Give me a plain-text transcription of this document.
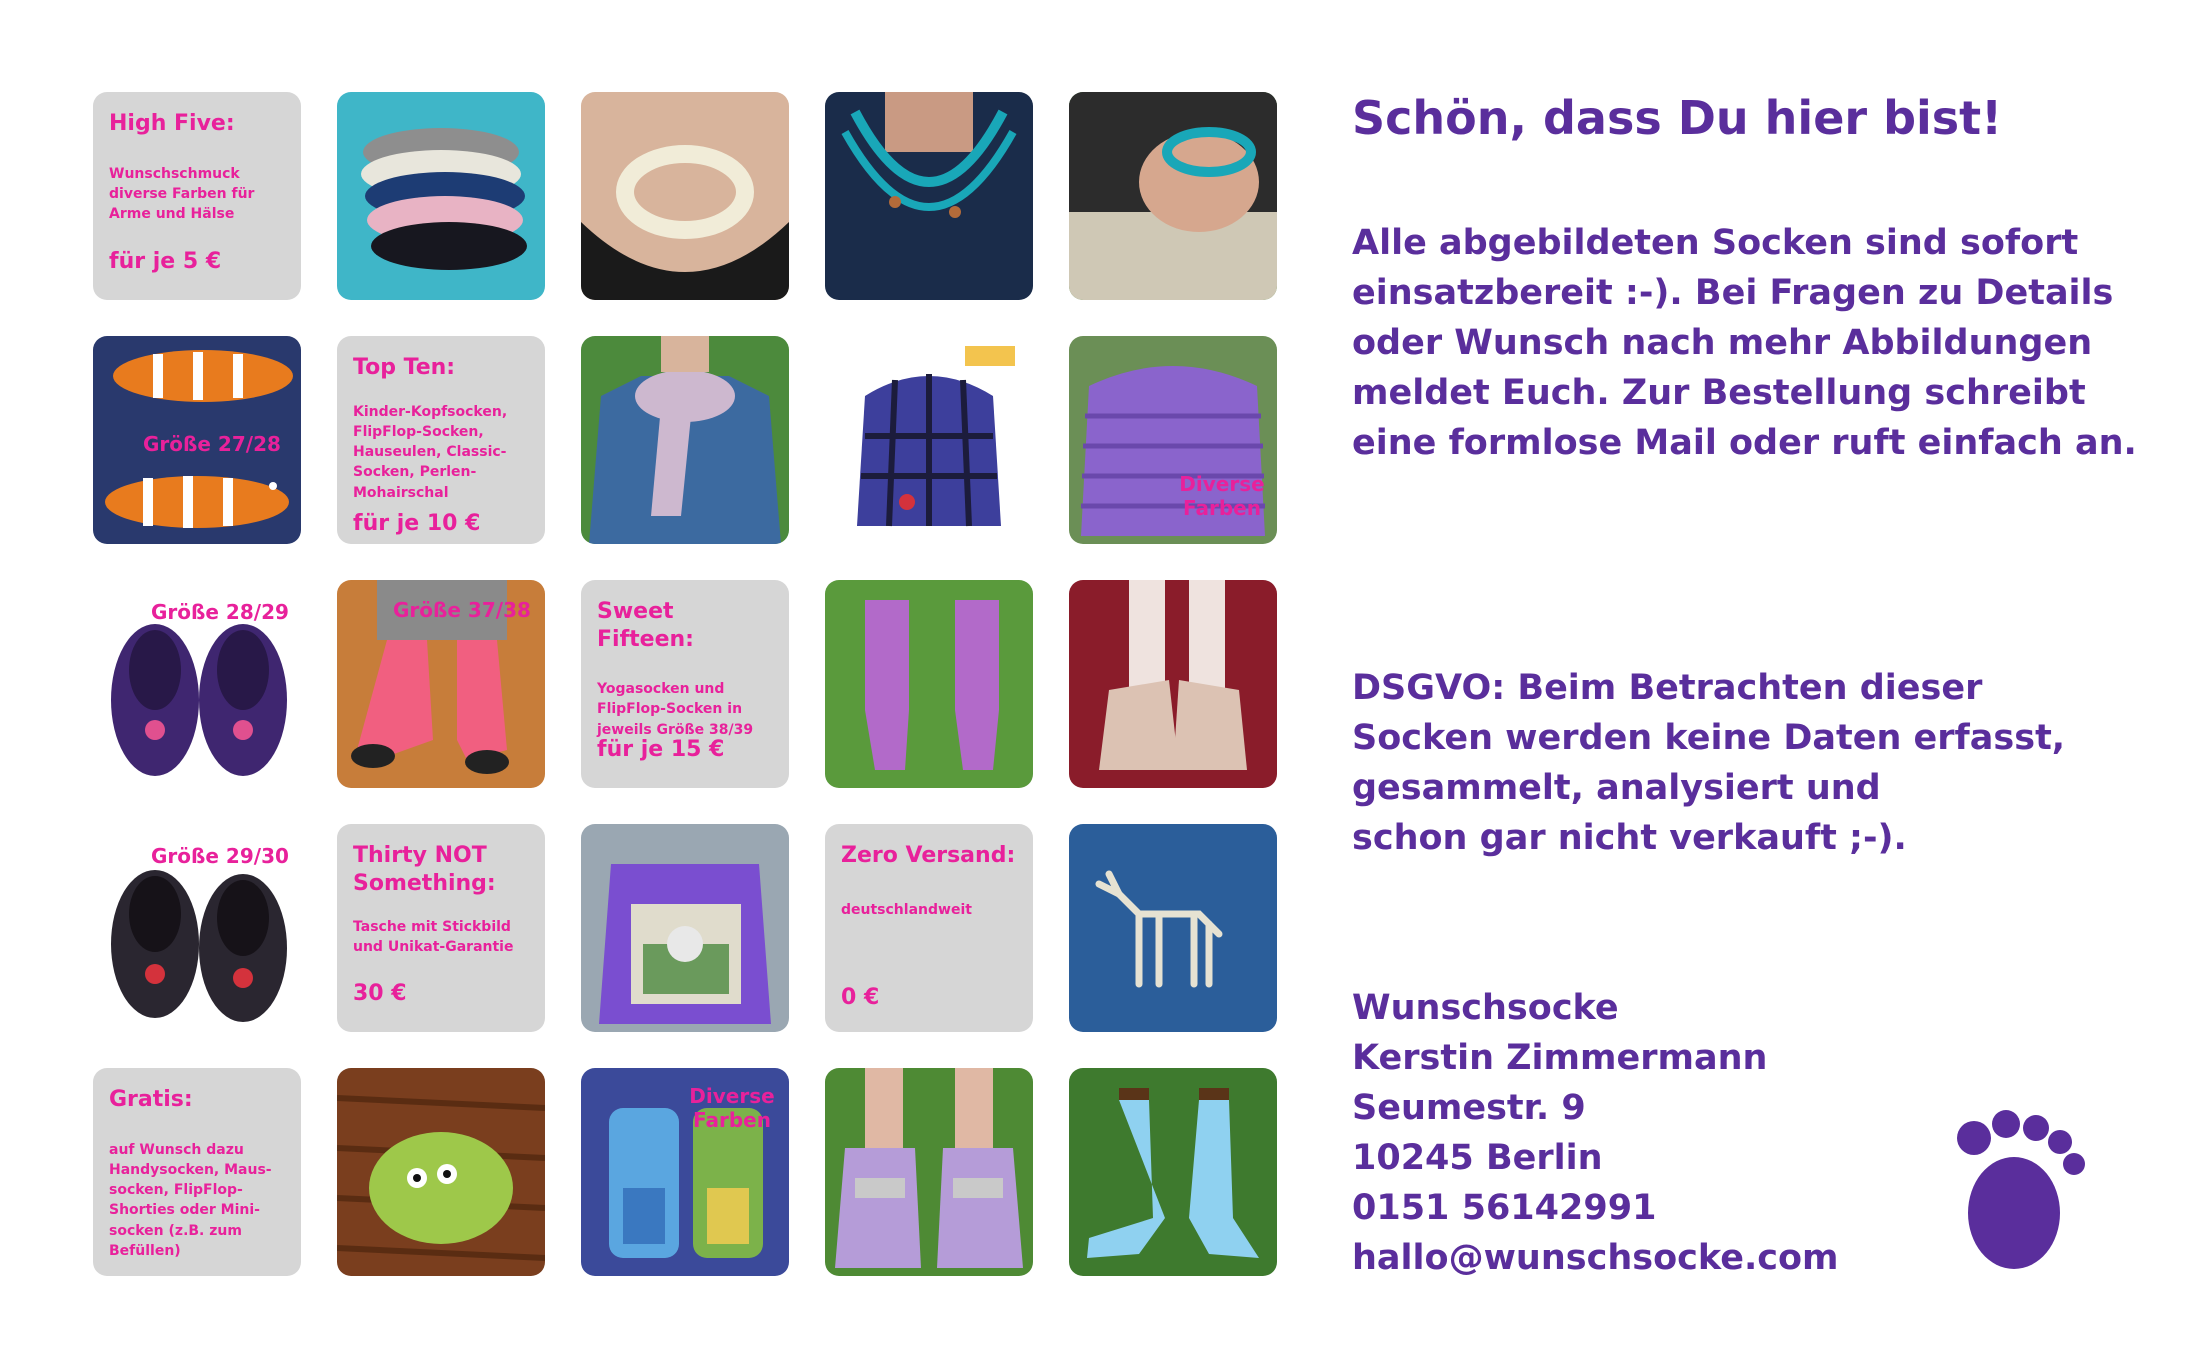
High Five:
Wunschschmuck diverse Farben für Arme und Hälse
für je 5 €
Größe 27/28
Top Ten:
Kinder-Kopfsocken, FlipFlop-Socken, Hauseulen, Classic-Socken, Perlen-Mohairschal
für je 10 €
Diverse Farben
Größe 28/29	Größe 37/38	Sweet Fifteen:
Yogasocken und FlipFlop-Socken in jeweils Größe 38/39
für je 15 €
Größe 29/30	Thirty NOT Something:
Tasche mit Stickbild und Unikat-Garantie
30 €
Zero Versand:
deutschlandweit
0 €
Gratis:
auf Wunsch dazu Handysocken, Maus-socken, FlipFlop-Shorties oder Mini-socken (z.B. zum Befüllen)
Diverse Farben
Schön, dass Du hier bist!
Alle abgebildeten Socken sind sofort einsatzbereit :-). Bei Fragen zu Details oder Wunsch nach mehr Abbildungen meldet Euch. Zur Bestellung schreibt eine formlose Mail oder ruft einfach an.
DSGVO: Beim Betrachten dieser
Socken werden keine Daten erfasst,
gesammelt, analysiert und
schon gar nicht verkauft ;-).
Wunschsocke
Kerstin Zimmermann
Seumestr. 9
10245 Berlin
0151 56142991
hallo@wunschsocke.com
